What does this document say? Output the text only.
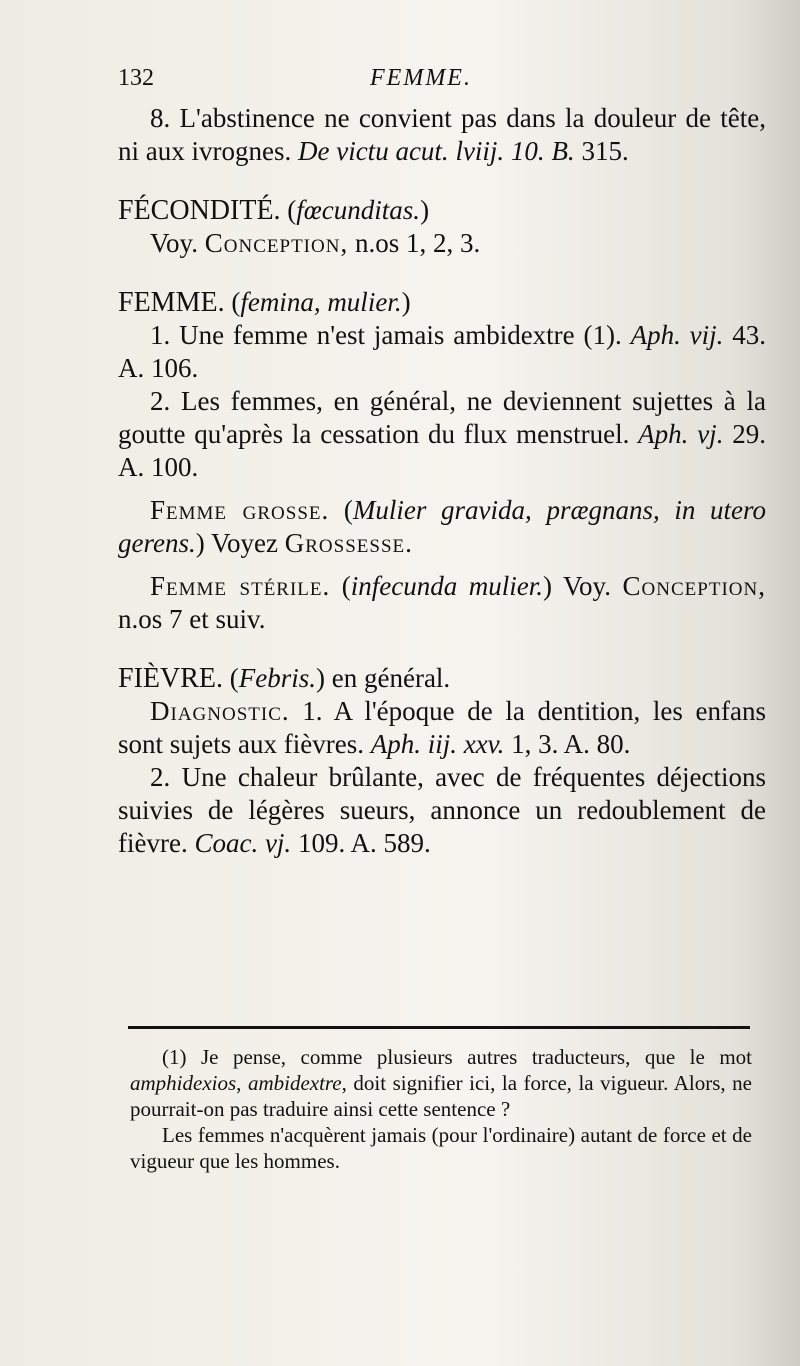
132	FEMME.

8. L'abstinence ne convient pas dans la douleur de tête, ni aux ivrognes. De victu acut. lviij. 10. B. 315.

FÉCONDITÉ. (fœcunditas.)

Voy. Conception, n.os 1, 2, 3.

FEMME. (femina, mulier.)

1. Une femme n'est jamais ambidextre (1). Aph. vij. 43. A. 106.

2. Les femmes, en général, ne deviennent sujettes à la goutte qu'après la cessation du flux menstruel. Aph. vj. 29. A. 100.

Femme grosse. (Mulier gravida, prægnans, in utero gerens.) Voyez Grossesse.

Femme stérile. (infecunda mulier.) Voy. Conception, n.os 7 et suiv.

FIÈVRE. (Febris.) en général.

Diagnostic. 1. A l'époque de la dentition, les enfans sont sujets aux fièvres. Aph. iij. xxv. 1, 3. A. 80.

2. Une chaleur brûlante, avec de fréquentes déjections suivies de légères sueurs, annonce un redoublement de fièvre. Coac. vj. 109. A. 589.

(1) Je pense, comme plusieurs autres traducteurs, que le mot amphidexios, ambidextre, doit signifier ici, la force, la vigueur. Alors, ne pourrait-on pas traduire ainsi cette sentence ?

Les femmes n'acquèrent jamais (pour l'ordinaire) autant de force et de vigueur que les hommes.
